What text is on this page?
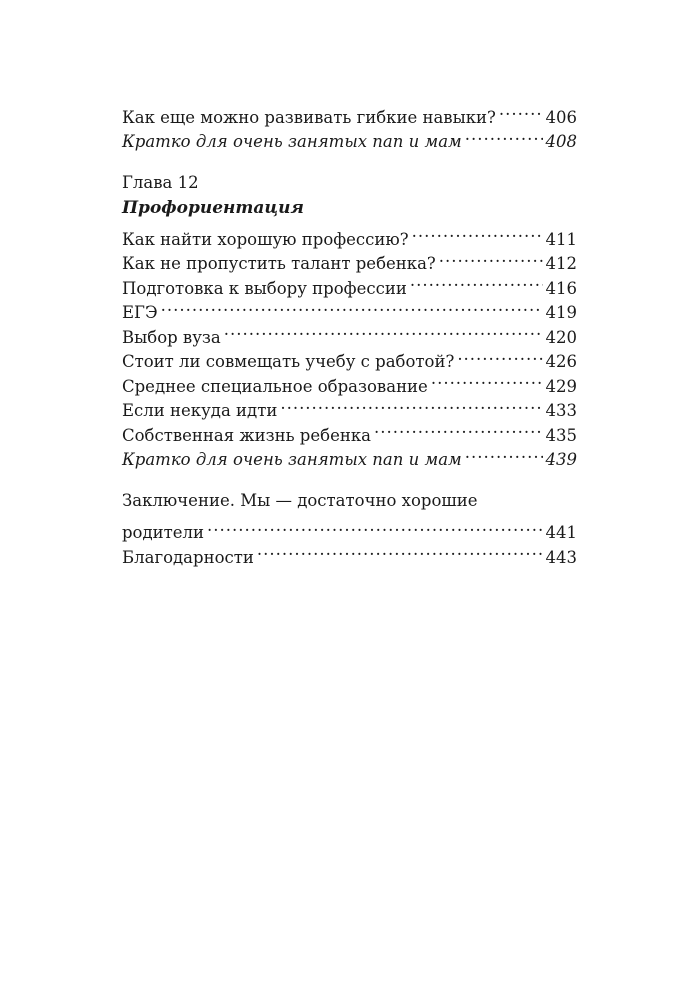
Как еще можно развивать гибкие навыки? .....	406
Кратко для очень занятых пап и мам .....	408
Глава 12
Профориентация
Как найти хорошую профессию? .....	411
Как не пропустить талант ребенка? .....	412
Подготовка к выбору профессии .....	416
ЕГЭ .....	419
Выбор вуза .....	420
Стоит ли совмещать учебу с работой? .....	426
Среднее специальное образование .....	429
Если некуда идти .....	433
Собственная жизнь ребенка .....	435
Кратко для очень занятых пап и мам .....	439
Заключение. Мы — достаточно хорошие
родители .....	441
Благодарности .....	443
